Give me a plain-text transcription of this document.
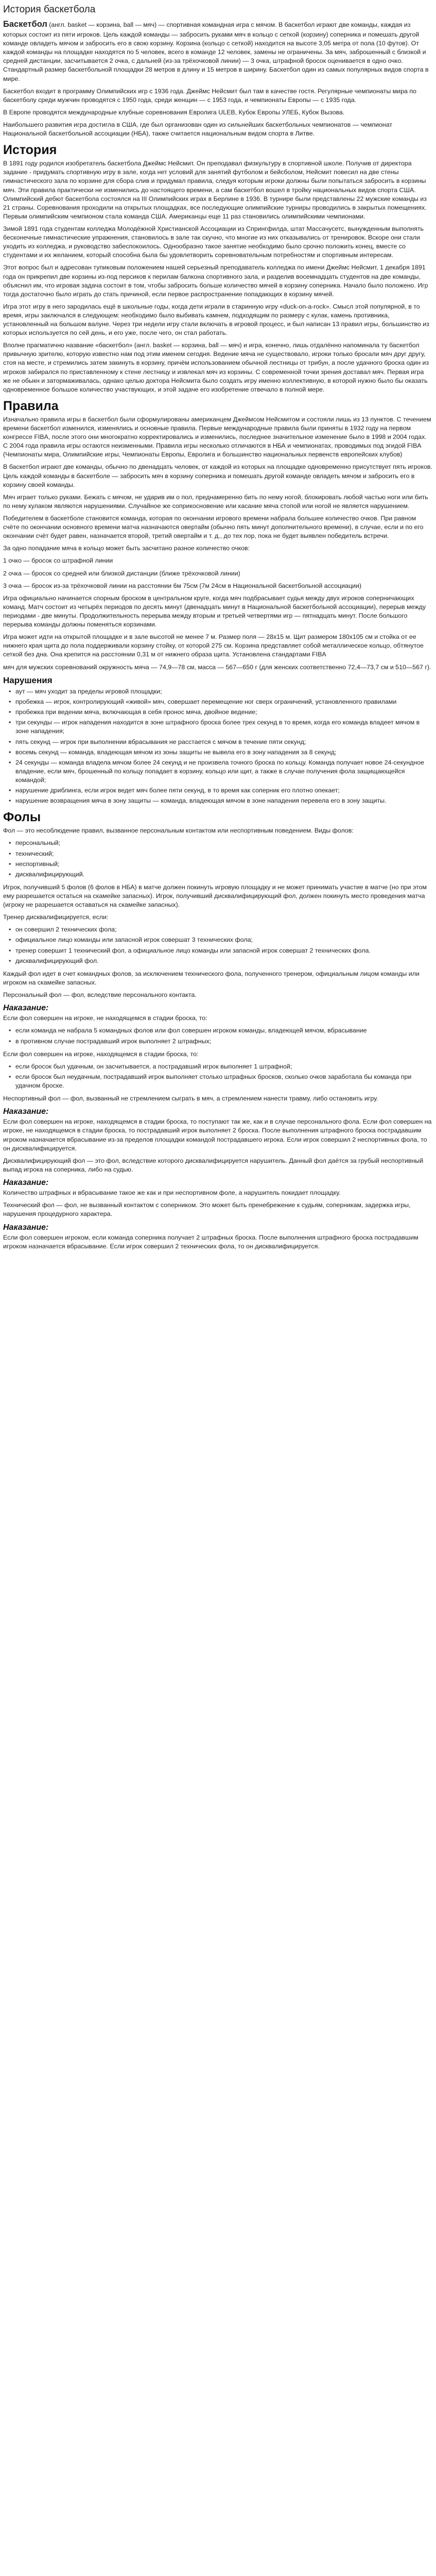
История баскетбола

Баскетбол (англ. basket — корзина, ball — мяч) — спортивная командная игра с мячом. В баскетбол играют две команды, каждая из которых состоит из пяти игроков. Цель каждой команды — забросить руками мяч в кольцо с сеткой (корзину) соперника и помешать другой команде овладеть мячом и забросить его в свою корзину. Корзина (кольцо с сеткой) находится на высоте 3,05 метра от пола (10 футов). От каждой команды на площадке находятся по 5 человек, всего в команде 12 человек, замены не ограничены. За мяч, заброшенный с близкой и средней дистанции, засчитывается 2 очка, с дальней (из-за трёхочковой линии) — 3 очка, штрафной бросок оценивается в одно очко. Стандартный размер баскетбольной площадки 28 метров в длину и 15 метров в ширину. Баскетбол один из самых популярных видов спорта в мире.

Баскетбол входит в программу Олимпийских игр с 1936 года. Джеймс Нейсмит был там в качестве гостя. Регулярные чемпионаты мира по баскетболу среди мужчин проводятся с 1950 года, среди женщин — с 1953 года, и чемпионаты Европы — с 1935 года.

В Европе проводятся международные клубные соревнования Евролига ULEB, Кубок Европы УЛЕБ, Кубок Вызова.

Наибольшего развития игра достигла в США, где был организован один из сильнейших баскетбольных чемпионатов — чемпионат Национальной баскетбольной ассоциации (НБА), также считается национальным видом спорта в Литве.

История

В 1891 году родился изобретатель баскетбола Джеймс Нейсмит. Он преподавал физкультуру в спортивной школе. Получив от директора задание - придумать спортивную игру в зале, когда нет условий для занятий футболом и бейсболом, Нейсмит повесил на две стены гимнастического зала по корзине для сбора слив и придумал правила, следуя которым игроки должны были попытаться забросить в корзины мяч. Эти правила практически не изменились до настоящего времени, а сам баскетбол вошел в тройку национальных видов спорта США. Олимпийский дебют баскетбола состоялся на III Олимпийских играх в Берлине в 1936. В турнире были представлены 22 мужские команды из 21 страны. Соревнования проходили на открытых площадках, все последующие олимпийские турниры проводились в закрытых помещениях. Первым олимпийским чемпионом стала команда США. Американцы еще 11 раз становились олимпийскими чемпионами.

Зимой 1891 года студентам колледжа Молодёжной Христианской Ассоциации из Спрингфилда, штат Массачусетс, вынужденным выполнять бесконечные гимнастические упражнения, становилось в зале так скучно, что многие из них отказывались от тренировок. Вскоре они стали уходить из колледжа, и руководство забеспокоилось. Однообразно такое занятие необходимо было срочно положить конец, вместе со студентами и их желанием, который способна была бы удовлетворить соревновательным потребностям и спортивным интересам.

Этот вопрос был и адресован тупиковым положением нашей серьезный преподаватель колледжа по имени Джеймс Нейсмит, 1 декабря 1891 года он прикрепил две корзины из-под персиков к перилам балкона спортивного зала, и разделив восемнадцать студентов на две команды, объяснил им, что игровая задача состоит в том, чтобы забросить больше количество мячей в корзину соперника. Начало было положено. Игр тогда достаточно было играть до стать причиной, если первое распространение попадающих в корзину мячей.

Игра этот игру в него зародилась ещё в школьные годы, когда дети играли в старинную игру «duck-on-a-rock». Смысл этой популярной, в то время, игры заключался в следующем: необходимо было выбивать камнем, подходящим по размеру с кулак, камень противника, установленный на большом валуне. Через три недели игру стали включать в игровой процесс, и был написан 13 правил игры, большинство из которых используется по сей день, и его уже, после чего, он стал работать.

Вполне прагматично название «баскетбол» (англ. basket — корзина, ball — мяч) и игра, конечно, лишь отдалённо напоминала ту баскетбол привычную зрителю, которую известно нам под этим именем сегодня. Ведение мяча не существовало, игроки только бросали мяч друг другу, стоя на месте, и стремились затем закинуть в корзину, причём использованием обычной лестницы от трибун, а после удачного броска один из игроков забирался по приставленному к стене лестницу и извлекал мяч из корзины. С современной точки зрения доставал мяч. Первая игра же не обыкн и затормаживалась, однако целью доктора Нейсмита было создать игру именно коллективную, в которой нужно было бы оказать одновременное большое количество участвующих, и этой задаче его изобретение отвечало в полной мере.

Правила

Изначально правила игры в баскетбол были сформулированы американцем Джеймсом Нейсмитом и состояли лишь из 13 пунктов. С течением времени баскетбол изменился, изменялись и основные правила. Первые международные правила были приняты в 1932 году на первом конгрессе FIBA, после этого они многократно корректировались и изменились, последнее значительное изменение было в 1998 и 2004 годах. С 2004 года правила игры остаются неизменными. Правила игры несколько отличаются в НБА и чемпионатах, проводимых под эгидой FIBA (Чемпионаты мира, Олимпийские игры, Чемпионаты Европы, Евролига и большинство национальных первенств европейских клубов)

В баскетбол играют две команды, обычно по двенадцать человек, от каждой из которых на площадке одновременно присутствует пять игроков. Цель каждой команды в баскетболе — забросить мяч в корзину соперника и помешать другой команде овладеть мячом и забросить его в корзину своей команды.

Мяч играет только руками. Бежать с мячом, не ударив им о пол, преднамеренно бить по нему ногой, блокировать любой частью ноги или бить по нему кулаком являются нарушениями. Случайное же соприкосновение или касание мяча стопой или ногой не является нарушением.

Победителем в баскетболе становится команда, которая по окончании игрового времени набрала большее количество очков. При равном счёте по окончании основного времени матча назначаются овертайм (обычно пять минут дополнительного времени), в случае, если и по его окончании счёт будет равен, назначается второй, третий овертайм и т. д., до тех пор, пока не будет выявлен победитель встречи.

За одно попадание мяча в кольцо может быть засчитано разное количество очков:

1 очко — бросок со штрафной линии

2 очка — бросок со средней или близкой дистанции (ближе трёхочковой линии)

3 очка — бросок из-за трёхочковой линии на расстоянии 6м 75см (7м 24см в Национальной баскетбольной ассоциации)

Игра официально начинается спорным броском в центральном круге, когда мяч подбрасывает судья между двух игроков соперничающих команд. Матч состоит из четырёх периодов по десять минут (двенадцать минут в Национальной баскетбольной ассоциации), перерыв между периодами - две минуты. Продолжительность перерыва между вторым и третьей четвертями игр — пятнадцать минут. После большого перерыва команды должны поменяться корзинами.

Игра может идти на открытой площадке и в зале высотой не менее 7 м. Размер поля — 28х15 м. Щит размером 180х105 см и стойка от ее нижнего края щита до пола поддерживали корзину стойку, от которой 275 см. Корзина представляет собой металлическое кольцо, обтянутое сеткой без дна. Она крепится на расстоянии 0,31 м от нижнего образа щита. Установлена стандартами FIBA

мяч для мужских соревнований окружность мяча — 74,9—78 см, масса — 567—650 г (для женских соответственно 72,4—73,7 см и 510—567 г).

Нарушения
• аут — мяч уходит за пределы игровой площадки;
• пробежка — игрок, контролирующий «живой» мяч, совершает перемещение ног сверх ограничений, установленного правилами
• пробежка при ведении мяча, включающая в себя пронос мяча, двойное ведение;
• три секунды — игрок нападения находится в зоне штрафного броска более трех секунд в то время, когда его команда владеет мячом в зоне нападения;
• пять секунд — игрок при выполнении вбрасывания не расстается с мячом в течение пяти секунд;
• восемь секунд — команда, владеющая мячом из зоны защиты не вывела его в зону нападения за 8 секунд;
• 24 секунды — команда владела мячом более 24 секунд и не произвела точного броска по кольцу. Команда получает новое 24-секундное владение, если мяч, брошенный по кольцу попадает в корзину, кольцо или щит, а также в случае получения фола защищающейся командой;
• нарушение дриблинга, если игрок ведет мяч более пяти секунд, в то время как соперник его плотно опекает;
• нарушение возвращения мяча в зону защиты — команда, владеющая мячом в зоне нападения перевела его в зону защиты.
Фолы

Фол — это несоблюдение правил, вызванное персональным контактом или неспортивным поведением. Виды фолов:

• персональный;
• технический;
• неспортивный;
• дисквалифицирующий.

Игрок, получивший 5 фолов (6 фолов в НБА) в матче должен покинуть игровую площадку и не может принимать участие в матче (но при этом ему разрешается остаться на скамейке запасных). Игрок, получивший дисквалифицирующий фол, должен покинуть место проведения матча (игроку не разрешается оставаться на скамейке запасных).

Тренер дисквалифицируется, если:

• он совершил 2 технических фола;
• официальное лицо команды или запасной игрок совершат 3 технических фола;
• тренер совершит 1 технический фол, а официальное лицо команды или запасной игрок совершат 2 технических фола.
• дисквалифицирующий фол.

Каждый фол идет в счет командных фолов, за исключением технического фола, полученного тренером, официальным лицом команды или игроком на скамейке запасных.

Персональный фол — фол, вследствие персонального контакта.

Наказание:

Если фол совершен на игроке, не находящемся в стадии броска, то:

• если команда не набрала 5 командных фолов или фол совершен игроком команды, владеющей мячом, вбрасывание
• в противном случае пострадавший игрок выполняет 2 штрафных;

Если фол совершен на игроке, находящемся в стадии броска, то:

• если бросок был удачным, он засчитывается, а пострадавший игрок выполняет 1 штрафной;
• если бросок был неудачным, пострадавший игрок выполняет столько штрафных бросков, сколько очков заработала бы команда при удачном броске.

Неспортивный фол — фол, вызванный не стремлением сыграть в мяч, а стремлением нанести травму, либо остановить игру.

Наказание:

Если фол совершен на игроке, находящемся в стадии броска, то поступают так же, как и в случае персонального фола. Если фол совершен на игроке, не находящемся в стадии броска, то пострадавший игрок выполняет 2 броска. После выполнения штрафного броска пострадавшим игроком назначается вбрасывание из-за пределов площадки командой пострадавшего игрока. Если игрок совершил 2 неспортивных фола, то он дисквалифицируется.

Дисквалифицирующий фол — это фол, вследствие которого дисквалифицируется нарушитель. Данный фол даётся за грубый неспортивный выпад игрока на соперника, либо на судью.

Наказание:

Количество штрафных и вбрасывание такое же как и при неспортивном фоле, а нарушитель покидает площадку.

Технический фол — фол, не вызванный контактом с соперником. Это может быть пренебрежение к судьям, соперникам, задержка игры, нарушения процедурного характера.

Наказание:

Если фол совершен игроком, если команда соперника получает 2 штрафных броска. После выполнения штрафного броска пострадавшим игроком назначается вбрасывание. Если игрок совершил 2 технических фола, то он дисквалифицируется.
